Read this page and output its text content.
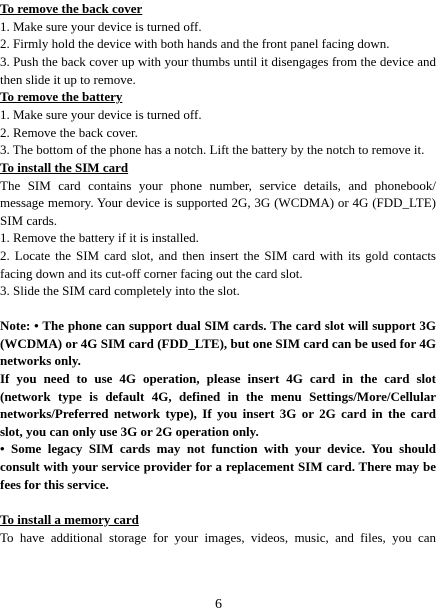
To remove the back cover
1. Make sure your device is turned off.
2. Firmly hold the device with both hands and the front panel facing down.
3. Push the back cover up with your thumbs until it disengages from the device and then slide it up to remove.
To remove the battery
1. Make sure your device is turned off.
2. Remove the back cover.
3. The bottom of the phone has a notch. Lift the battery by the notch to remove it.
To install the SIM card
The SIM card contains your phone number, service details, and phonebook/ message memory. Your device is supported 2G, 3G (WCDMA) or 4G (FDD_LTE) SIM cards.
1. Remove the battery if it is installed.
2. Locate the SIM card slot, and then insert the SIM card with its gold contacts facing down and its cut-off corner facing out the card slot.
3. Slide the SIM card completely into the slot.
Note: • The phone can support dual SIM cards. The card slot will support 3G (WCDMA) or 4G SIM card (FDD_LTE), but one SIM card can be used for 4G networks only.
If you need to use 4G operation, please insert 4G card in the card slot (network type is default 4G, defined in the menu Settings/More/Cellular networks/Preferred network type), If you insert 3G or 2G card in the card slot, you can only use 3G or 2G operation only.
• Some legacy SIM cards may not function with your device. You should consult with your service provider for a replacement SIM card. There may be fees for this service.
To install a memory card
To have additional storage for your images, videos, music, and files, you can
6
